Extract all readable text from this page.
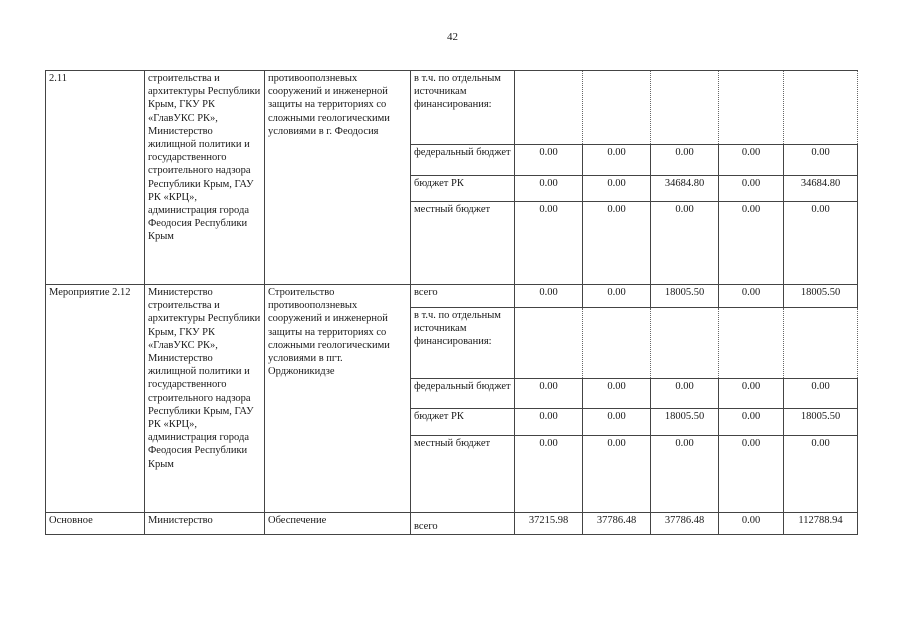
42
2.11	строительства и архитектуры Республики Крым, ГКУ РК «ГлавУКС РК», Министерство жилищной политики и государственного строительного надзора Республики Крым, ГАУ РК «КРЦ», администрация города Феодосия Республики Крым	противооползневых сооружений и инженерной защиты на территориях со сложными геологическими условиями в г. Феодосия	в т.ч. по отдельным источникам финансирования:					
			федеральный бюджет	0.00	0.00	0.00	0.00	0.00
			бюджет РК	0.00	0.00	34684.80	0.00	34684.80
			местный бюджет	0.00	0.00	0.00	0.00	0.00
Мероприятие 2.12	Министерство строительства и архитектуры Республики Крым, ГКУ РК «ГлавУКС РК», Министерство жилищной политики и государственного строительного надзора Республики Крым, ГАУ РК «КРЦ», администрация города Феодосия Республики Крым	Строительство противооползневых сооружений и инженерной защиты на территориях со сложными геологическими условиями в пгт. Орджоникидзе	всего	0.00	0.00	18005.50	0.00	18005.50
			в т.ч. по отдельным источникам финансирования:					
			федеральный бюджет	0.00	0.00	0.00	0.00	0.00
			бюджет РК	0.00	0.00	18005.50	0.00	18005.50
			местный бюджет	0.00	0.00	0.00	0.00	0.00
Основное	Министерство	Обеспечение	всего	37215.98	37786.48	37786.48	0.00	112788.94
